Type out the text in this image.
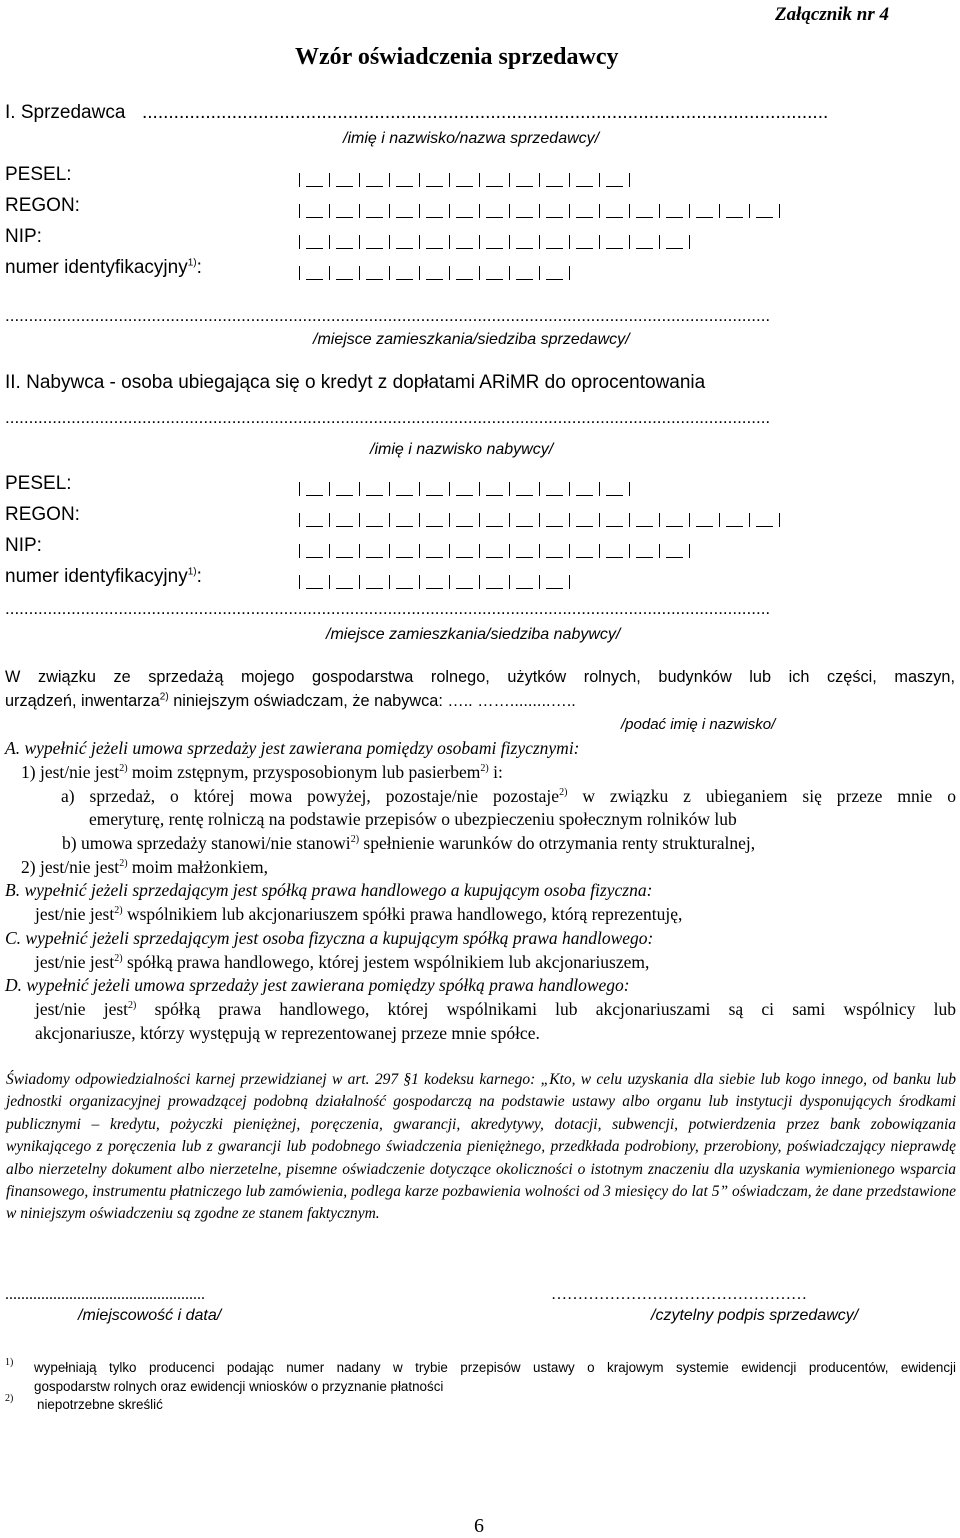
Załącznik nr 4
Wzór oświadczenia sprzedawcy
I. Sprzedawca ..................................................................................................................................
/imię i nazwisko/nazwa sprzedawcy/
PESEL:
REGON:
NIP:
numer identyfikacyjny$^{1)}$:
..................................................................................................................................................................
/miejsce zamieszkania/siedziba sprzedawcy/
II. Nabywca - osoba ubiegająca się o kredyt z dopłatami ARiMR do oprocentowania
..................................................................................................................................................................
/imię i nazwisko nabywcy/
PESEL:
REGON:
NIP:
numer identyfikacyjny$^{1)}$:
..................................................................................................................................................................
/miejsce zamieszkania/siedziba nabywcy/
W związku ze sprzedażą mojego gospodarstwa rolnego, użytków rolnych, budynków lub ich części, maszyn,
urządzeń, inwentarza$^{2)}$ niniejszym oświadczam, że nabywca: ….. …….........…..
/podać imię i nazwisko/
A. wypełnić jeżeli umowa sprzedaży jest zawierana pomiędzy osobami fizycznymi:
1) jest/nie jest$^{2)}$ moim zstępnym, przysposobionym lub pasierbem$^{2)}$ i:
a) sprzedaż, o której mowa powyżej, pozostaje/nie pozostaje$^{2)}$ w związku z ubieganiem się przeze mnie o
emeryturę, rentę rolniczą na podstawie przepisów o ubezpieczeniu społecznym rolników lub
b) umowa sprzedaży stanowi/nie stanowi$^{2)}$ spełnienie warunków do otrzymania renty strukturalnej,
2) jest/nie jest$^{2)}$ moim małżonkiem,
B. wypełnić jeżeli sprzedającym jest spółką prawa handlowego a kupującym osoba fizyczna:
jest/nie jest$^{2)}$ wspólnikiem lub akcjonariuszem spółki prawa handlowego, którą reprezentuję,
C. wypełnić jeżeli sprzedającym jest osoba fizyczna a kupującym spółką prawa handlowego:
jest/nie jest$^{2)}$ spółką prawa handlowego, której jestem wspólnikiem lub akcjonariuszem,
D. wypełnić jeżeli umowa sprzedaży jest zawierana pomiędzy spółką prawa handlowego:
jest/nie jest$^{2)}$ spółką prawa handlowego, której wspólnikami lub akcjonariuszami są ci sami wspólnicy lub
akcjonariusze, którzy występują w reprezentowanej przeze mnie spółce.
Świadomy odpowiedzialności karnej przewidzianej w art. 297 §1 kodeksu karnego: „Kto, w celu uzyskania dla siebie lub kogo innego, od banku lub jednostki organizacyjnej prowadzącej podobną działalność gospodarczą na podstawie ustawy albo organu lub instytucji dysponujących środkami publicznymi – kredytu, pożyczki pieniężnej, poręczenia, gwarancji, akredytywy, dotacji, subwencji, potwierdzenia przez bank zobowiązania wynikającego z poręczenia lub z gwarancji lub podobnego świadczenia pieniężnego, przedkłada podrobiony, przerobiony, poświadczający nieprawdę albo nierzetelny dokument albo nierzetelne, pisemne oświadczenie dotyczące okoliczności o istotnym znaczeniu dla uzyskania wymienionego wsparcia finansowego, instrumentu płatniczego lub zamówienia, podlega karze pozbawienia wolności od 3 miesięcy do lat 5” oświadczam, że dane przedstawione w niniejszym oświadczeniu są zgodne ze stanem faktycznym.
..................................................
/miejscowość i data/
…………………………………………
/czytelny podpis sprzedawcy/
1) wypełniają tylko producenci podając numer nadany w trybie przepisów ustawy o krajowym systemie ewidencji producentów, ewidencji
gospodarstw rolnych oraz ewidencji wniosków o przyznanie płatności
2) niepotrzebne skreślić
6
